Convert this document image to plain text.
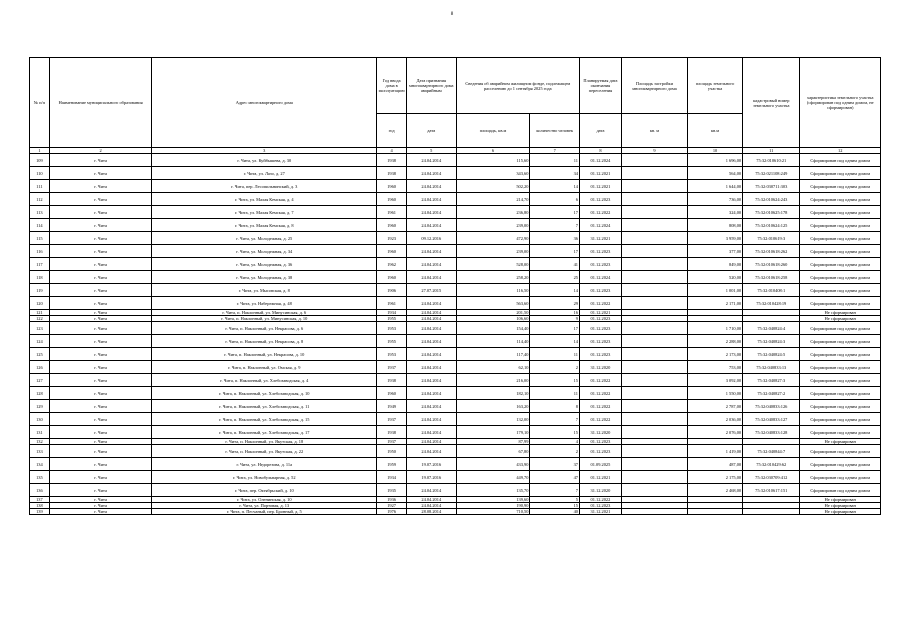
8
№ п/п	Наименование муниципального образования	Адрес многоквартирного дома	Год ввода дома в эксплуатацию	Дата признания многоквартирного дома аварийным	Сведения об аварийном жилищном фонде, подлежащем расселению до 1 сентября 2025 года		Планируемая дата окончания переселения	Площадь застройки многоквартирного дома	площадь земельного участка	кадастровый номер земельного участка	характеристика земельного участка (сформирован под одним домом, не сформирован)
			год	дата	площадь, кв.м	количество человек	дата	кв. м	кв.м		
1	2	3	4	5	6	7	8	9	10	11	12
109	г. Чита	г. Чита, ул. Куйбышева, д. 30	1938	24.04.2014	115,60	11	01.12.2024		1 696,00	75:32:010610:21	Сформирован под одним домом
110	г. Чита	г. Чита, ул. Лазо, д. 27	1938	24.04.2014	343,60	34	01.12.2021		564,00	75:32:021108:249	Сформирован под одним домом
111	г. Чита	г. Чита, пер. Лесопильнинский, д. 3	1960	24.04.2014	502,20	14	01.12.2021		1 644,00	75:32:030711:303	Сформирован под одним домом
112	г. Чита	г. Чита, ул. Малая Кемская, д. 4	1960	24.04.2014	214,70	6	01.12.2023		736,00	75:32:010624:243	Сформирован под одним домом
113	г. Чита	г. Чита, ул. Малая Кемская, д. 7	1961	24.04.2014	236,80	17	01.12.2022		324,00	75:32:010625:178	Сформирован под одним домом
114	г. Чита	г. Чита, ул. Малая Кемская, д. 8	1960	24.04.2014	239,00	7	01.12.2024		808,00	75:32:010624:125	Сформирован под одним домом
115	г. Чита	г. Чита, ул. Молодежная, д. 25	1923	09.12.2016	472,90	36	31.12.2021		3 959,00	75:32:010619:3	Сформирован под одним домом
116	г. Чита	г. Чита, ул. Молодежная, д. 34	1960	24.04.2014	239,00	17	01.12.2023		377,00	75:32:010618:262	Сформирован под одним домом
117	г. Чита	г. Чита, ул. Молодежная, д. 36	1962	24.04.2014	528,00	41	01.12.2023		849,00	75:32:010618:260	Сформирован под одним домом
118	г. Чита	г. Чита, ул. Молодежная, д. 38	1960	24.04.2014	258,20	25	01.12.2024		520,00	75:32:010618:258	Сформирован под одним домом
119	г. Чита	г. Чита, ул. Мысовская, д. 8	1906	27.07.2015	116,50	14	01.12.2023		1 001,00	75:32:010408:1	Сформирован под одним домом
120	г. Чита	г. Чита, ул. Набережная, д. 48	1961	24.04.2014	563,60	29	01.12.2022		2 171,00	75:32:010428:19	Сформирован под одним домом
121	г. Чита	г. Чита, п. Наклонный, ул. Минусинская, д. 6	1934	24.04.2014	201,50	16	01.12.2021				Не сформирован
122	г. Чита	г. Чита, п. Наклонный, ул. Минусинская, д. 10	1955	24.04.2014	106,60	9	01.12.2023				Не сформирован
123	г. Чита	г. Чита, п. Наклонный, ул. Некрасова, д. 6	1953	24.04.2014	154,40	17	01.12.2023		1 710,00	75:32:040824:4	Сформирован под одним домом
124	г. Чита	г. Чита, п. Наклонный, ул. Некрасова, д. 8	1955	24.04.2014	114,40	14	01.12.2023		2 288,00	75:32:040824:3	Сформирован под одним домом
125	г. Чита	г. Чита, п. Наклонный, ул. Некрасова, д. 10	1953	24.04.2014	117,40	11	01.12.2023		2 173,00	75:32:040824:5	Сформирован под одним домом
126	г. Чита	г. Чита, п. Наклонный, ул. Омская, д. 9	1937	24.04.2014	62,10	2	31.12.2020		753,00	75:32:040833:13	Сформирован под одним домом
127	г. Чита	г. Чита, п. Наклонный, ул. Хлебозаводская, д. 4	1938	24.04.2014	216,00	15	01.12.2022		3 092,00	75:32:040827:3	Сформирован под одним домом
128	г. Чита	г. Чита, п. Наклонный, ул. Хлебозаводская, д. 10	1960	24.04.2014	182,10	11	01.12.2022		1 550,00	75:32:040827:2	Сформирован под одним домом
129	г. Чита	г. Чита, п. Наклонный, ул. Хлебозаводская, д. 11	1949	24.04.2014	163,20	8	01.12.2022		2 787,00	75:32:040833:126	Сформирован под одним домом
130	г. Чита	г. Чита, п. Наклонный, ул. Хлебозаводская, д. 15	1937	24.04.2014	132,00	7	01.12.2022		2 036,00	75:32:040833:127	Сформирован под одним домом
131	г. Чита	г. Чита, п. Наклонный, ул. Хлебозаводская, д. 17	1938	24.04.2014	179,10	15	31.12.2020		2 076,00	75:32:040833:128	Сформирован под одним домом
132	г. Чита	г. Чита, п. Наклонный, ул. Якутская, д. 18	1937	24.04.2014	87,99	4	01.12.2023				Не сформирован
133	г. Чита	г. Чита, п. Наклонный, ул. Якутская, д. 22	1950	24.04.2014	67,80	2	01.12.2023		1 419,00	75:32:040844:7	Сформирован под одним домом
134	г. Чита	г. Чита, ул. Недорезова, д. 11а	1959	19.07.2016	433,90	37	01.09.2025		487,00	75:32:010429:62	Сформирован под одним домом
135	г. Чита	г. Чита, ул. Новобульварная, д. 52	1934	19.07.2016	449,70	47	01.12.2021		2 175,00	75:32:030709:412	Сформирован под одним домом
136	г. Чита	г. Чита, пер. Октябрьский, д. 10	1935	24.04.2014	135,70	7	31.12.2020		2 468,00	75:32:010617:151	Сформирован под одним домом
137	г. Чита	г. Чита, ул. Оленинская, д. 10	1936	24.04.2014	139,60	5	01.12.2022				Не сформирован
138	г. Чита	г. Чита, ул. Портовая, д. 13	1927	24.04.2014	190,90	15	01.12.2023				Не сформирован
139	г. Чита	г. Чита, п. Песчаный, пер. Бронный, д. 5	1976	28.08.2014	710,50	40	31.12.2021				Не сформирован
